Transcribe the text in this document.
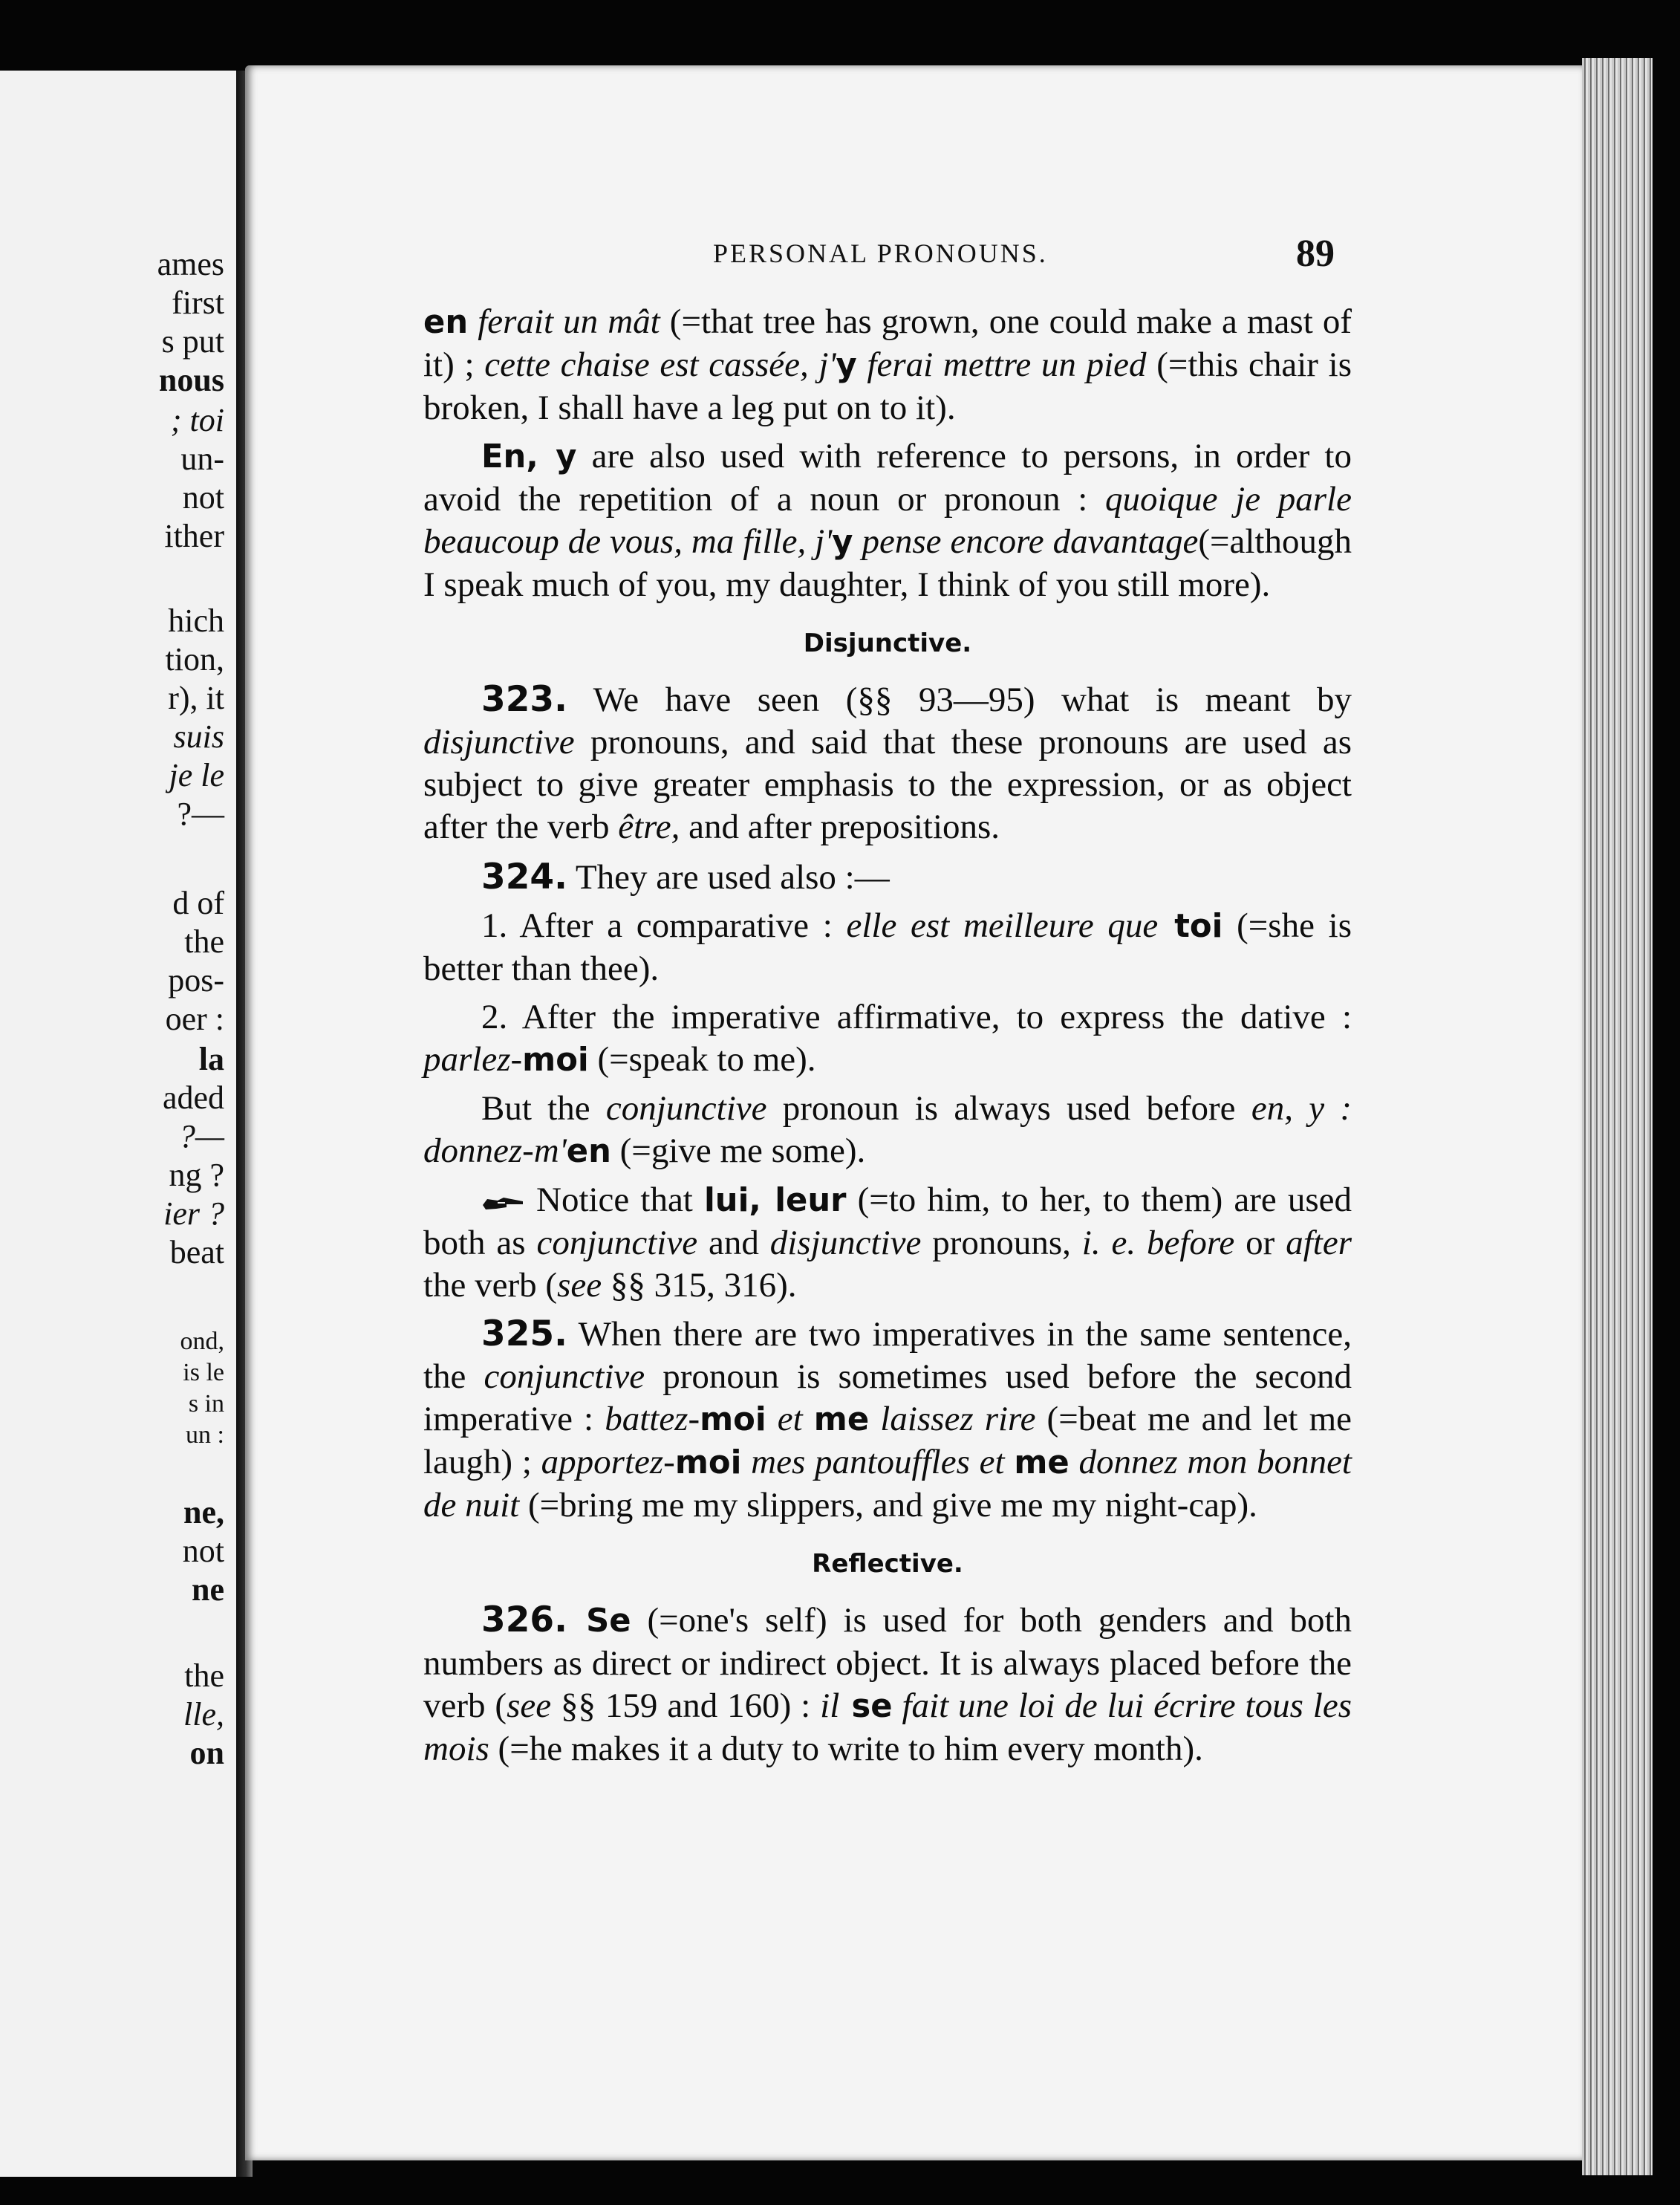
ames
first
s put
nous
; toi
un-
not
ither
hich
tion,
r), it
suis
je le
?—
d of
the
pos-
oer :
la
aded
?—
ng ?
ier ?
beat
ond,
is le
s in
un :
ne,
not
ne
the
lle,
on
PERSONAL PRONOUNS.	89

en ferait un mât (=that tree has grown, one could make a mast of it) ; cette chaise est cassée, j'y ferai mettre un pied (=this chair is broken, I shall have a leg put on to it).

En, y are also used with reference to persons, in order to avoid the repetition of a noun or pronoun : quoique je parle beaucoup de vous, ma fille, j'y pense encore davantage(=although I speak much of you, my daughter, I think of you still more).

Disjunctive.

323. We have seen (§§ 93—95) what is meant by disjunctive pronouns, and said that these pronouns are used as subject to give greater emphasis to the expression, or as object after the verb être, and after prepositions.

324. They are used also :—

1. After a comparative : elle est meilleure que toi (=she is better than thee).

2. After the imperative affirmative, to express the dative : parlez-moi (=speak to me).

But the conjunctive pronoun is always used before en, y : donnez-m'en (=give me some).

Notice that lui, leur (=to him, to her, to them) are used both as conjunctive and disjunctive pronouns, i. e. before or after the verb (see §§ 315, 316).

325. When there are two imperatives in the same sentence, the conjunctive pronoun is sometimes used before the second imperative : battez-moi et me laissez rire (=beat me and let me laugh) ; apportez-moi mes pantouffles et me donnez mon bonnet de nuit (=bring me my slippers, and give me my night-cap).

Reflective.

326. Se (=one's self) is used for both genders and both numbers as direct or indirect object. It is always placed before the verb (see §§ 159 and 160) : il se fait une loi de lui écrire tous les mois (=he makes it a duty to write to him every month).
